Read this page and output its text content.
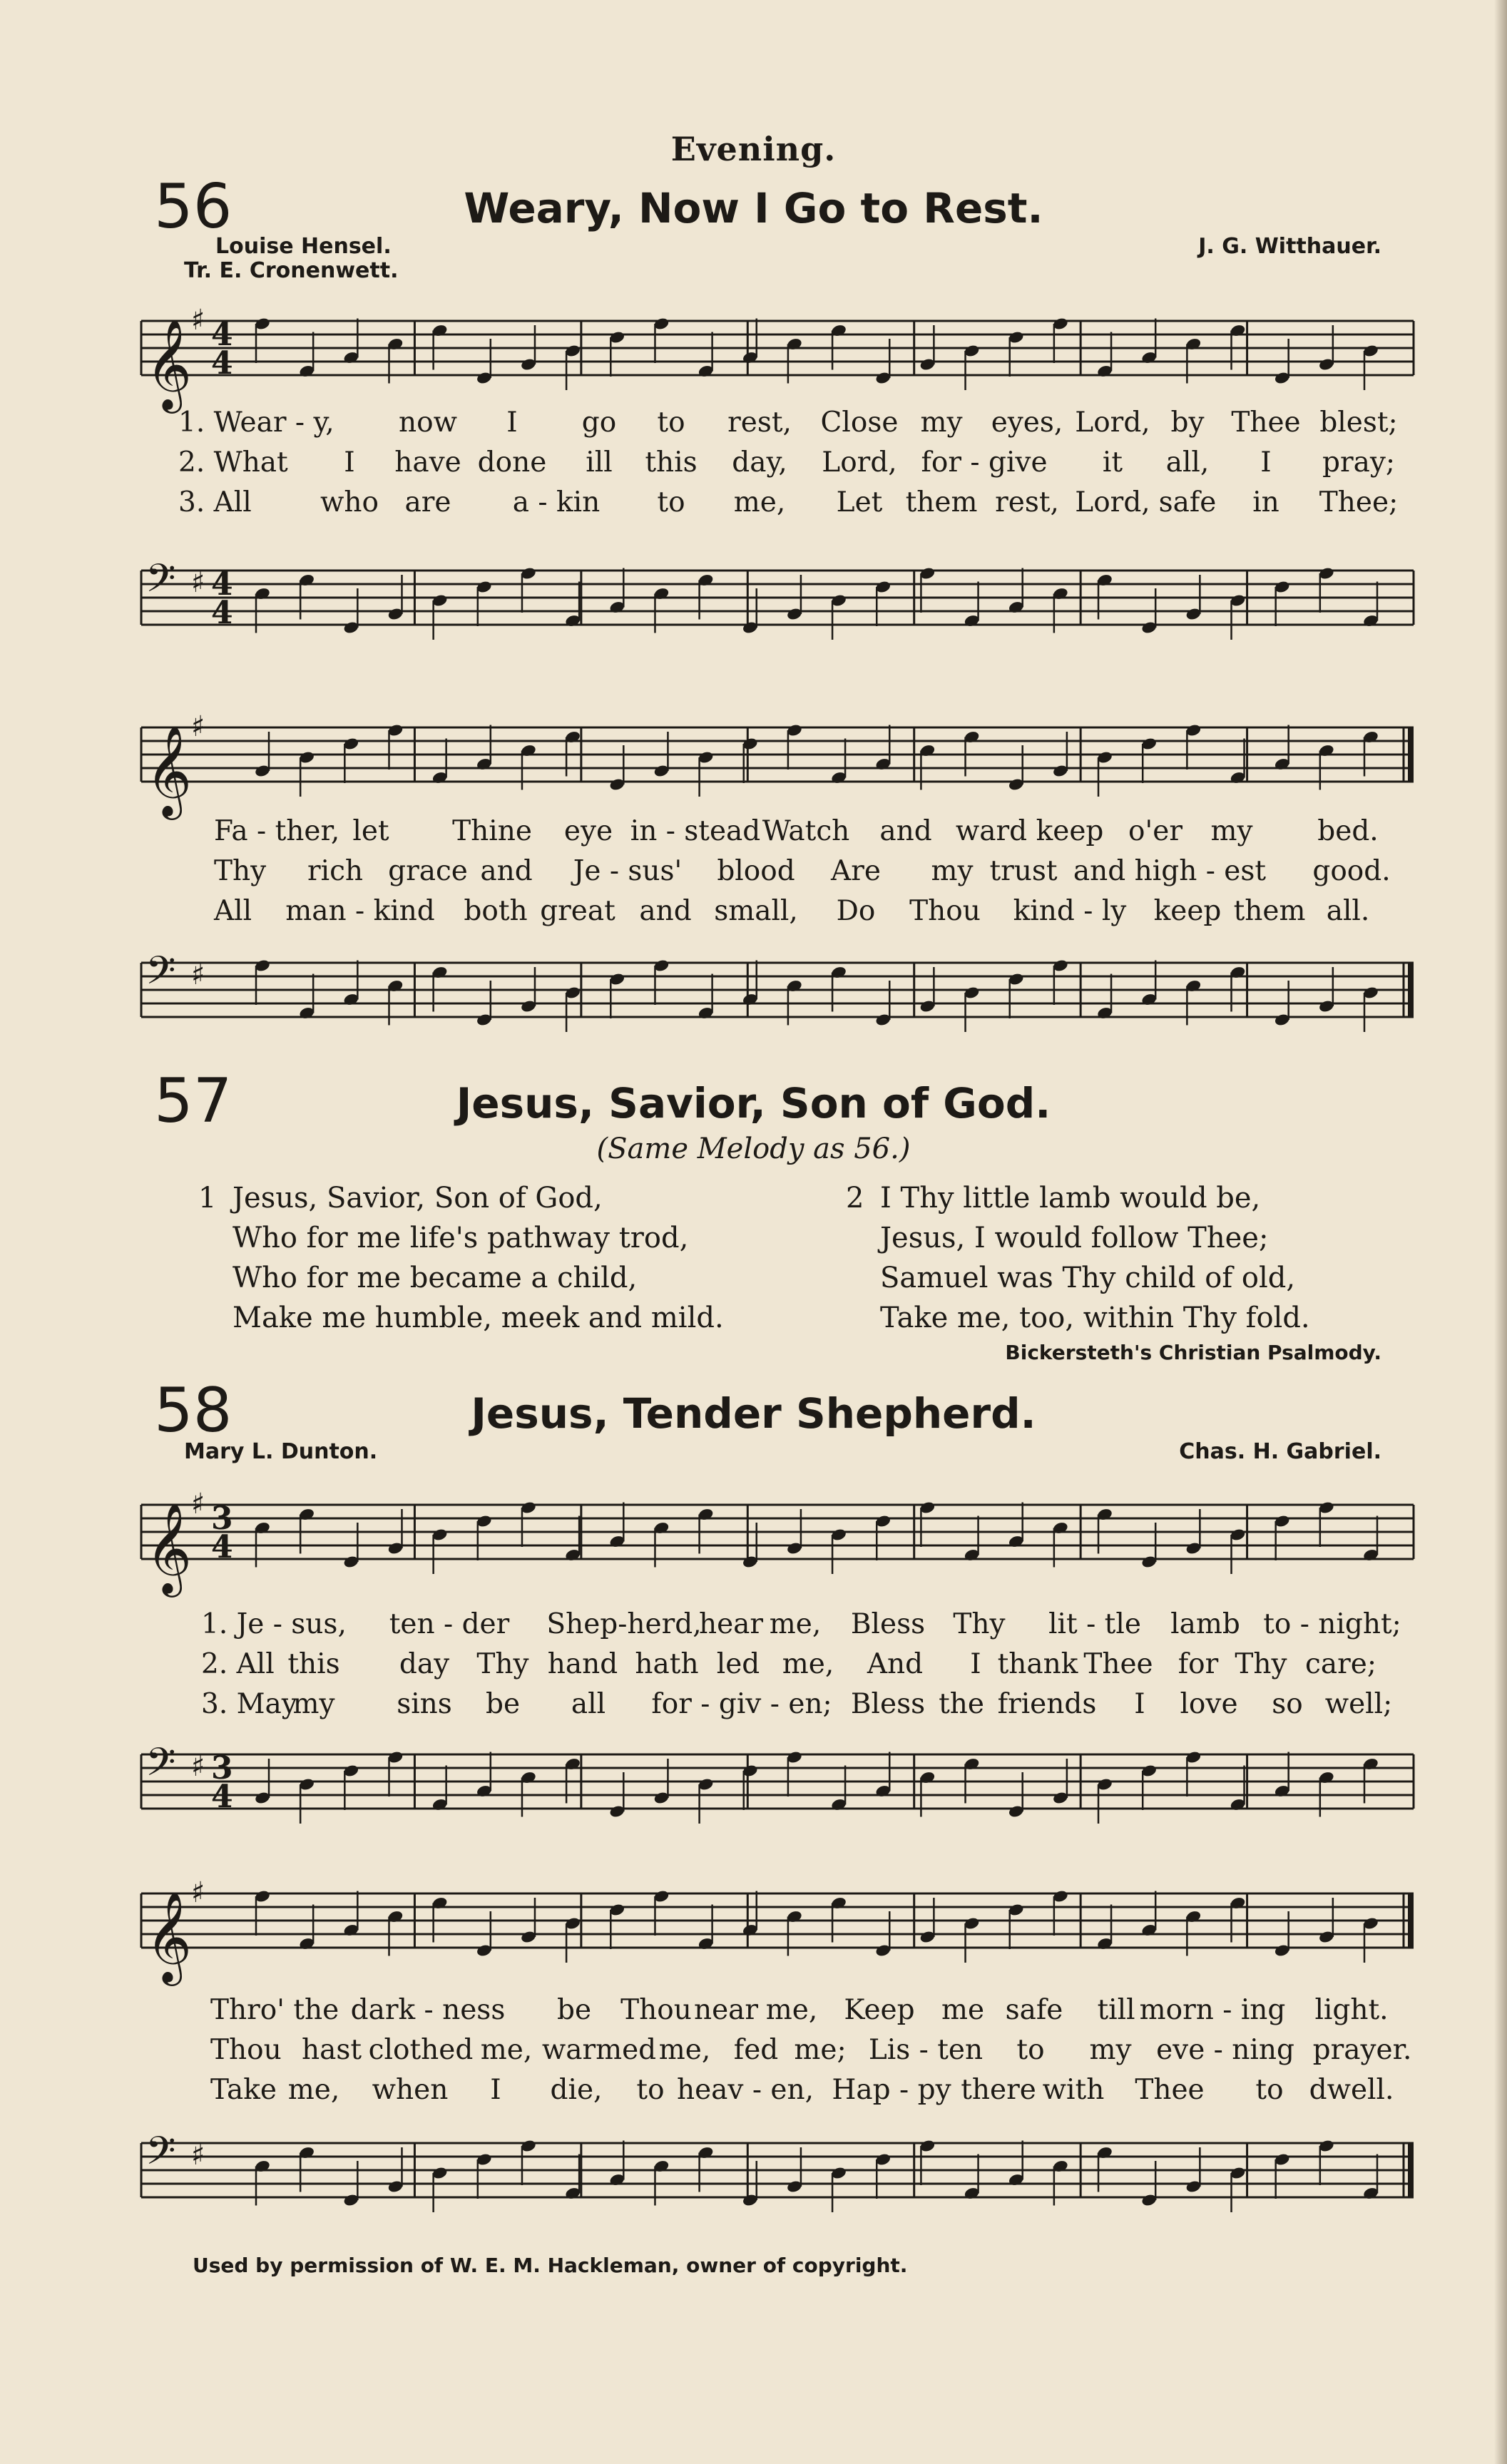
Evening.
56	Weary, Now I Go to Rest.
Louise Hensel.
Tr. E. Cronenwett.
J. G. Witthauer.
𝄞
♯ 4
4
𝄢 ♯ 4
4
𝄞
♯
𝄢 ♯
1. Wear - y, now I go to rest, Close my eyes, Lord, by Thee blest;
2. What I have done ill this day, Lord, for - give it all, I pray;
3. All who are a - kin to me, Let them rest, Lord, safe in Thee;
Fa - ther, let Thine eye in - stead Watch and ward keep o'er my bed.
Thy rich grace and Je - sus' blood Are my trust and high - est good.
All man - kind both great and small, Do Thou kind - ly keep them all.
57	Jesus, Savior, Son of God.
(Same Melody as 56.)
1 Jesus, Savior, Son of God,
Who for me life's pathway trod,
Who for me became a child,
Make me humble, meek and mild.
2 I Thy little lamb would be,
Jesus, I would follow Thee;
Samuel was Thy child of old,
Take me, too, within Thy fold.
Bickersteth's Christian Psalmody.
58	Jesus, Tender Shepherd.
Mary L. Dunton.	Chas. H. Gabriel.
𝄞
♯ 3
4
𝄢 ♯ 3
4
𝄞
♯
𝄢 ♯
1. Je - sus, ten - der Shep-herd,
hear me, Bless Thy lit - tle lamb to - night;
2. All this day Thy hand hath led me, And I thank Thee for Thy care;
3. May
my sins be all for - giv - en; Bless the friends I love so well;
Thro' the dark - ness be Thou near me, Keep me safe till morn - ing light.
Thou hast clothed me, warmed me, fed me; Lis - ten to my eve - ning prayer.
Take me, when I die, to heav - en, Hap - py there with Thee to dwell.
Used by permission of W. E. M. Hackleman, owner of copyright.
